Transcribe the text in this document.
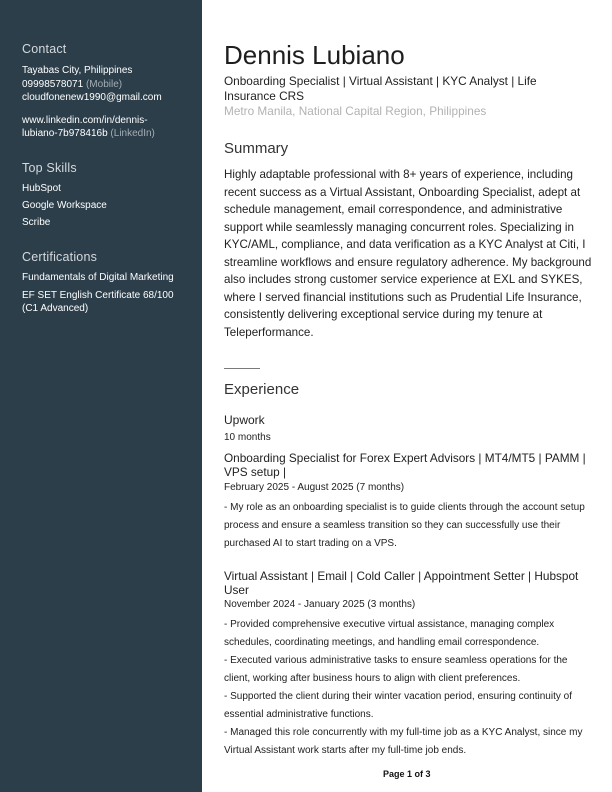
Contact

Tayabas City, Philippines

09998578071 (Mobile)

cloudfonenew1990@gmail.com

www.linkedin.com/in/dennis-
lubiano-7b978416b (LinkedIn)

Top Skills

HubSpot

Google Workspace

Scribe

Certifications

Fundamentals of Digital Marketing

EF SET English Certificate 68/100 (C1 Advanced)

Dennis Lubiano

Onboarding Specialist | Virtual Assistant | KYC Analyst | Life Insurance CRS

Metro Manila, National Capital Region, Philippines

Summary

Highly adaptable professional with 8+ years of experience, including recent success as a Virtual Assistant, Onboarding Specialist, adept at schedule management, email correspondence, and administrative support while seamlessly managing concurrent roles. Specializing in KYC/AML, compliance, and data verification as a KYC Analyst at Citi, I streamline workflows and ensure regulatory adherence. My background also includes strong customer service experience at EXL and SYKES, where I served financial institutions such as Prudential Life Insurance, consistently delivering exceptional service during my tenure at Teleperformance.

Experience

Upwork

10 months

Onboarding Specialist for Forex Expert Advisors | MT4/MT5 | PAMM | VPS setup |

February 2025 - August 2025 (7 months)

- My role as an onboarding specialist is to guide clients through the account setup process and ensure a seamless transition so they can successfully use their purchased AI to start trading on a VPS.

Virtual Assistant | Email | Cold Caller | Appointment Setter | Hubspot User

November 2024 - January 2025 (3 months)

- Provided comprehensive executive virtual assistance, managing complex schedules, coordinating meetings, and handling email correspondence.
- Executed various administrative tasks to ensure seamless operations for the client, working after business hours to align with client preferences.
- Supported the client during their winter vacation period, ensuring continuity of essential administrative functions.
- Managed this role concurrently with my full-time job as a KYC Analyst, since my Virtual Assistant work starts after my full-time job ends.
Page 1 of 3
